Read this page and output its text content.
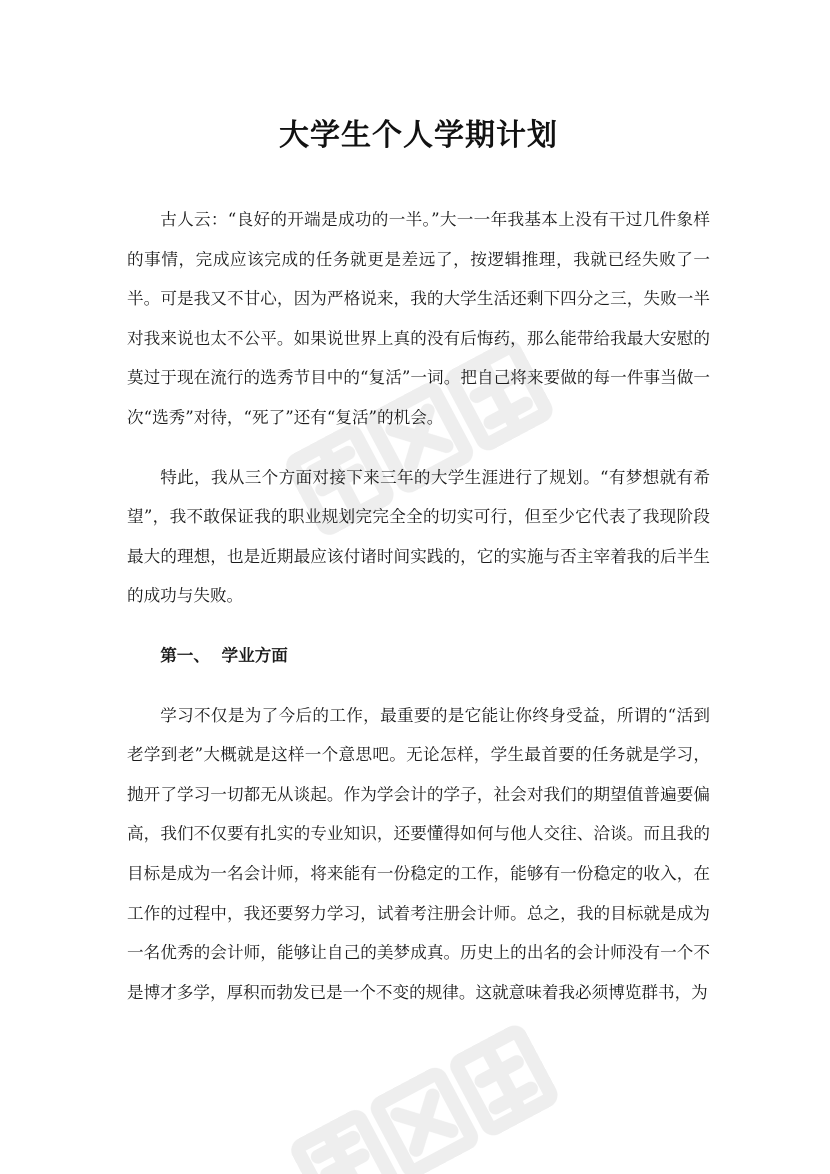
大学生个人学期计划

古人云：“良好的开端是成功的一半。”大一一年我基本上没有干过几件象样的事情，完成应该完成的任务就更是差远了，按逻辑推理，我就已经失败了一半。可是我又不甘心，因为严格说来，我的大学生活还剩下四分之三，失败一半对我来说也太不公平。如果说世界上真的没有后悔药，那么能带给我最大安慰的莫过于现在流行的选秀节目中的“复活”一词。把自己将来要做的每一件事当做一次“选秀”对待，“死了”还有“复活”的机会。

特此，我从三个方面对接下来三年的大学生涯进行了规划。“有梦想就有希望”，我不敢保证我的职业规划完完全全的切实可行，但至少它代表了我现阶段最大的理想，也是近期最应该付诸时间实践的，它的实施与否主宰着我的后半生的成功与失败。

第一、  学业方面

学习不仅是为了今后的工作，最重要的是它能让你终身受益，所谓的“活到老学到老”大概就是这样一个意思吧。无论怎样，学生最首要的任务就是学习，抛开了学习一切都无从谈起。作为学会计的学子，社会对我们的期望值普遍要偏高，我们不仅要有扎实的专业知识，还要懂得如何与他人交往、洽谈。而且我的目标是成为一名会计师，将来能有一份稳定的工作，能够有一份稳定的收入，在工作的过程中，我还要努力学习，试着考注册会计师。总之，我的目标就是成为一名优秀的会计师，能够让自己的美梦成真。历史上的出名的会计师没有一个不是博才多学，厚积而勃发已是一个不变的规律。这就意味着我必须博览群书，为
